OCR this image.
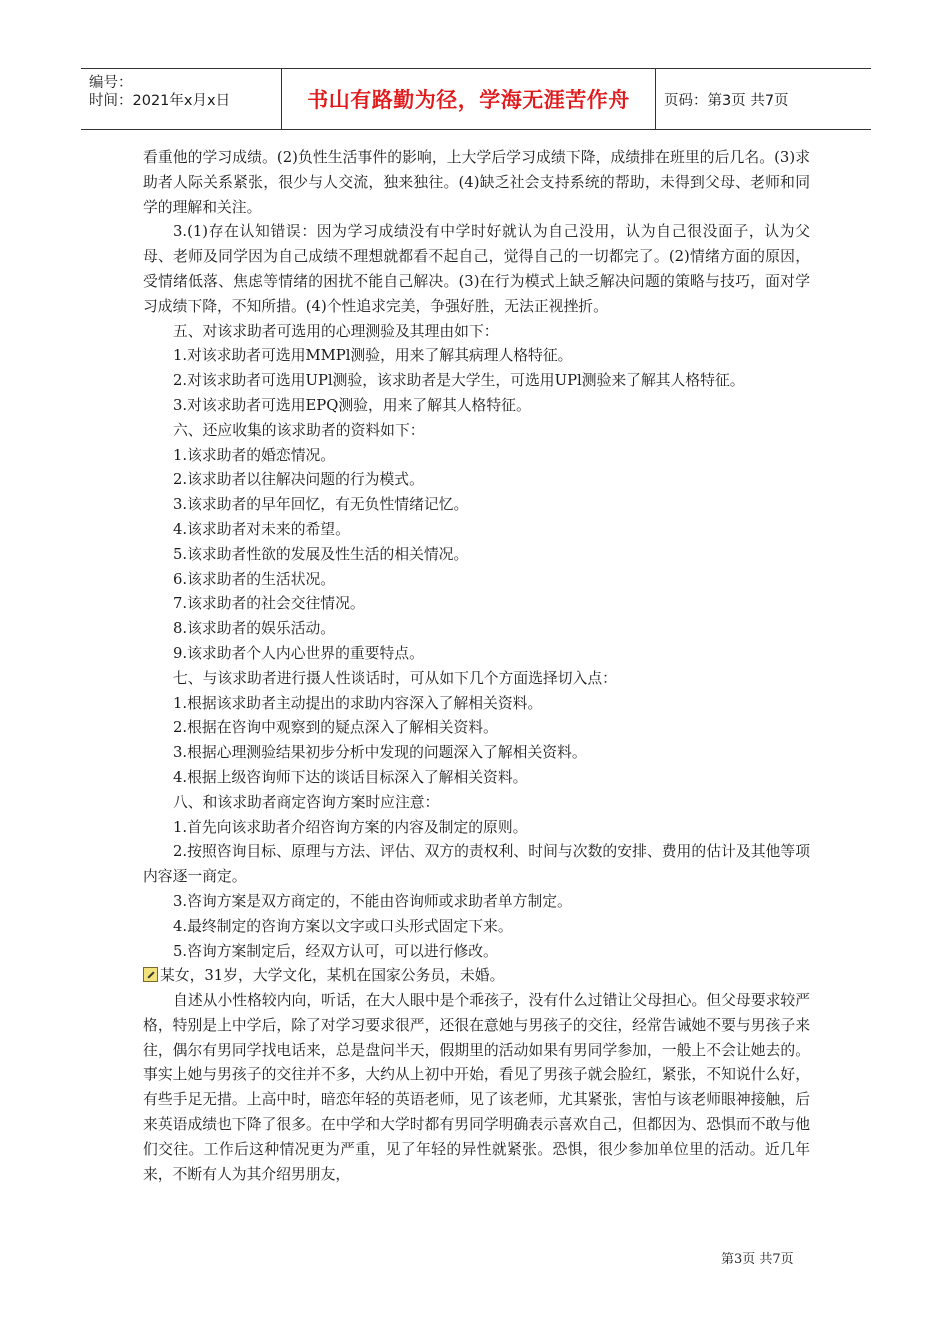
编号：
时间：2021年x月x日	书山有路勤为径，学海无涯苦作舟	页码：第3页 共7页

看重他的学习成绩。(2)负性生活事件的影响，上大学后学习成绩下降，成绩排在班里的后几名。(3)求助者人际关系紧张，很少与人交流，独来独往。(4)缺乏社会支持系统的帮助，未得到父母、老师和同学的理解和关注。

3.(1)存在认知错误：因为学习成绩没有中学时好就认为自己没用，认为自己很没面子，认为父母、老师及同学因为自己成绩不理想就都看不起自己，觉得自己的一切都完了。(2)情绪方面的原因，受情绪低落、焦虑等情绪的困扰不能自己解决。(3)在行为模式上缺乏解决问题的策略与技巧，面对学习成绩下降，不知所措。(4)个性追求完美，争强好胜，无法正视挫折。

五、对该求助者可选用的心理测验及其理由如下：

1.对该求助者可选用MMPl测验，用来了解其病理人格特征。

2.对该求助者可选用UPl测验，该求助者是大学生，可选用UPl测验来了解其人格特征。

3.对该求助者可选用EPQ测验，用来了解其人格特征。

六、还应收集的该求助者的资料如下：

1.该求助者的婚恋情况。

2.该求助者以往解决问题的行为模式。

3.该求助者的早年回忆，有无负性情绪记忆。

4.该求助者对未来的希望。

5.该求助者性欲的发展及性生活的相关情况。

6.该求助者的生活状况。

7.该求助者的社会交往情况。

8.该求助者的娱乐活动。

9.该求助者个人内心世界的重要特点。

七、与该求助者进行摄人性谈话时，可从如下几个方面选择切入点：

1.根据该求助者主动提出的求助内容深入了解相关资料。

2.根据在咨询中观察到的疑点深入了解相关资料。

3.根据心理测验结果初步分析中发现的问题深入了解相关资料。

4.根据上级咨询师下达的谈话目标深入了解相关资料。

八、和该求助者商定咨询方案时应注意：

1.首先向该求助者介绍咨询方案的内容及制定的原则。

2.按照咨询目标、原理与方法、评估、双方的责权利、时间与次数的安排、费用的估计及其他等项内容逐一商定。

3.咨询方案是双方商定的，不能由咨询师或求助者单方制定。

4.最终制定的咨询方案以文字或口头形式固定下来。

5.咨询方案制定后，经双方认可，可以进行修改。

某女，31岁，大学文化，某机在国家公务员，未婚。

自述从小性格较内向，听话，在大人眼中是个乖孩子，没有什么过错让父母担心。但父母要求较严格，特别是上中学后，除了对学习要求很严，还很在意她与男孩子的交往，经常告诫她不要与男孩子来往，偶尔有男同学找电话来，总是盘问半天，假期里的活动如果有男同学参加，一般上不会让她去的。事实上她与男孩子的交往并不多，大约从上初中开始，看见了男孩子就会脸红，紧张，不知说什么好，有些手足无措。上高中时，暗恋年轻的英语老师，见了该老师，尤其紧张，害怕与该老师眼神接触，后来英语成绩也下降了很多。在中学和大学时都有男同学明确表示喜欢自己，但都因为、恐惧而不敢与他们交往。工作后这种情况更为严重，见了年轻的异性就紧张。恐惧，很少参加单位里的活动。近几年来，不断有人为其介绍男朋友，

第3页 共7页
